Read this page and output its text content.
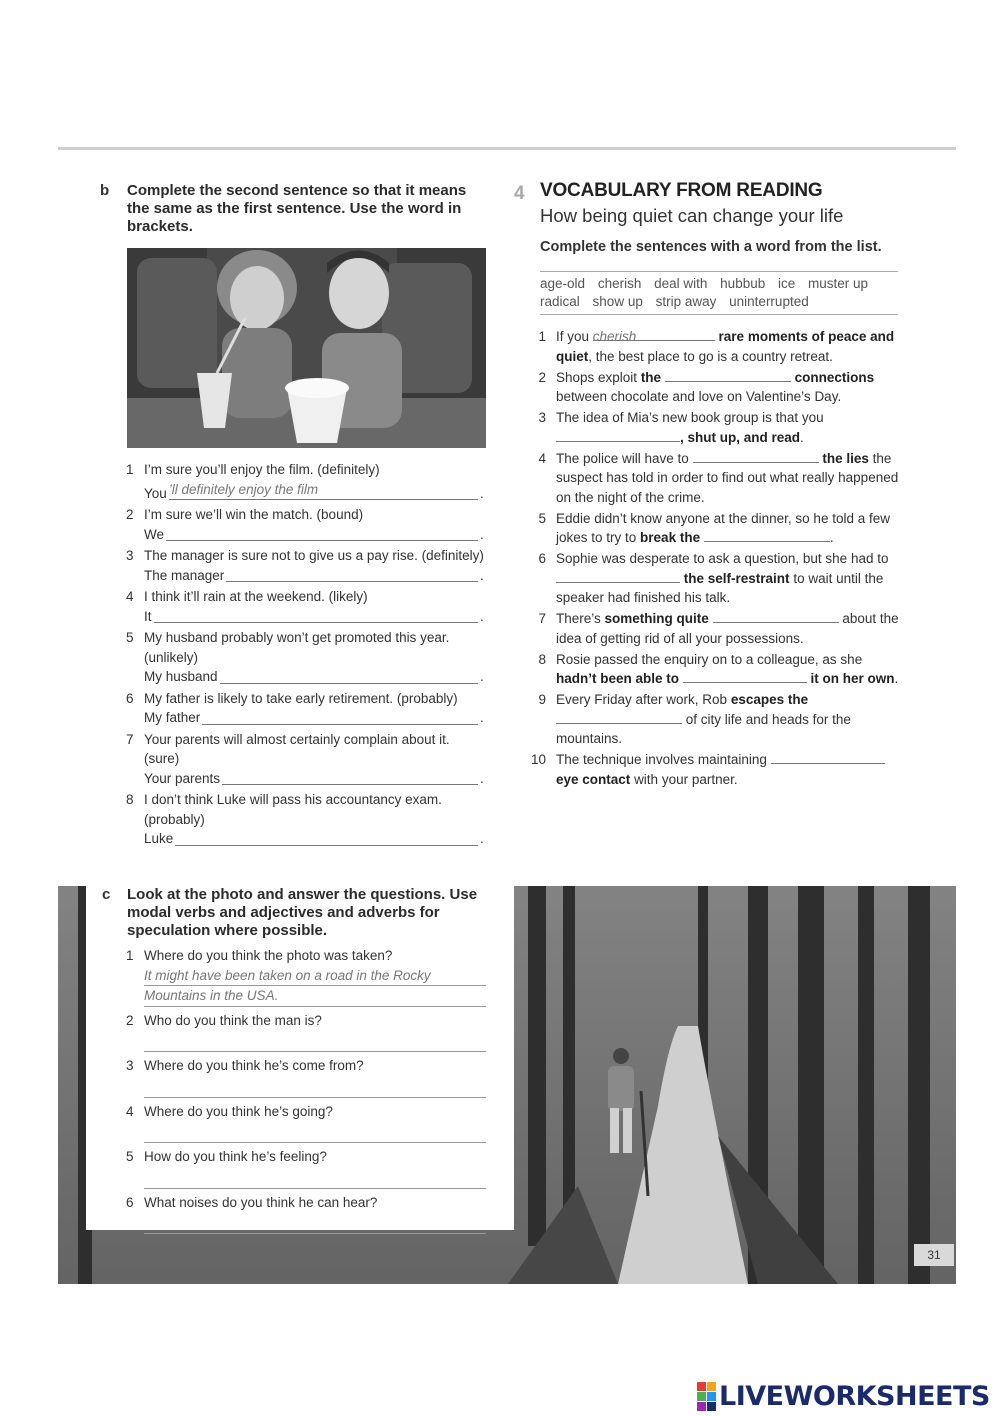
b Complete the second sentence so that it means the same as the first sentence. Use the word in brackets.
1 I’m sure you’ll enjoy the film. (definitely)
You ’ll definitely enjoy the film	.
2 I’m sure we’ll win the match. (bound)
We	.
3 The manager is sure not to give us a pay rise. (definitely)
The manager	.
4 I think it’ll rain at the weekend. (likely)
It	.
5 My husband probably won’t get promoted this year. (unlikely)
My husband	.
6 My father is likely to take early retirement. (probably)
My father	.
7 Your parents will almost certainly complain about it. (sure)
Your parents	.
8 I don’t think Luke will pass his accountancy exam. (probably)
Luke	.
4 VOCABULARY FROM READING
How being quiet can change your life
Complete the sentences with a word from the list.
age-old cherish deal with hubbub ice muster up radical show up strip away uninterrupted
1 If you cherish	rare moments of peace and quiet, the best place to go is a country retreat.
2 Shops exploit the	connections between chocolate and love on Valentine’s Day.
3 The idea of Mia’s new book group is that you , shut up, and read.
4 The police will have to	the lies the suspect has told in order to find out what really happened on the night of the crime.
5 Eddie didn’t know anyone at the dinner, so he told a few jokes to try to break the	.
6 Sophie was desperate to ask a question, but she had to  the self-restraint to wait until the speaker had finished his talk.
7 There’s something quite	about the idea of getting rid of all your possessions.
8 Rosie passed the enquiry on to a colleague, as she hadn’t been able to	it on her own.
9 Every Friday after work, Rob escapes the
of city life and heads for the mountains.
10 The technique involves maintaining
eye contact with your partner.
c Look at the photo and answer the questions. Use modal verbs and adjectives and adverbs for speculation where possible.
1 Where do you think the photo was taken?
It might have been taken on a road in the Rocky
Mountains in the USA.
2 Who do you think the man is?
3 Where do you think he’s come from?
4 Where do you think he’s going?
5 How do you think he’s feeling?
6 What noises do you think he can hear?
31
LIVEWORKSHEETS
